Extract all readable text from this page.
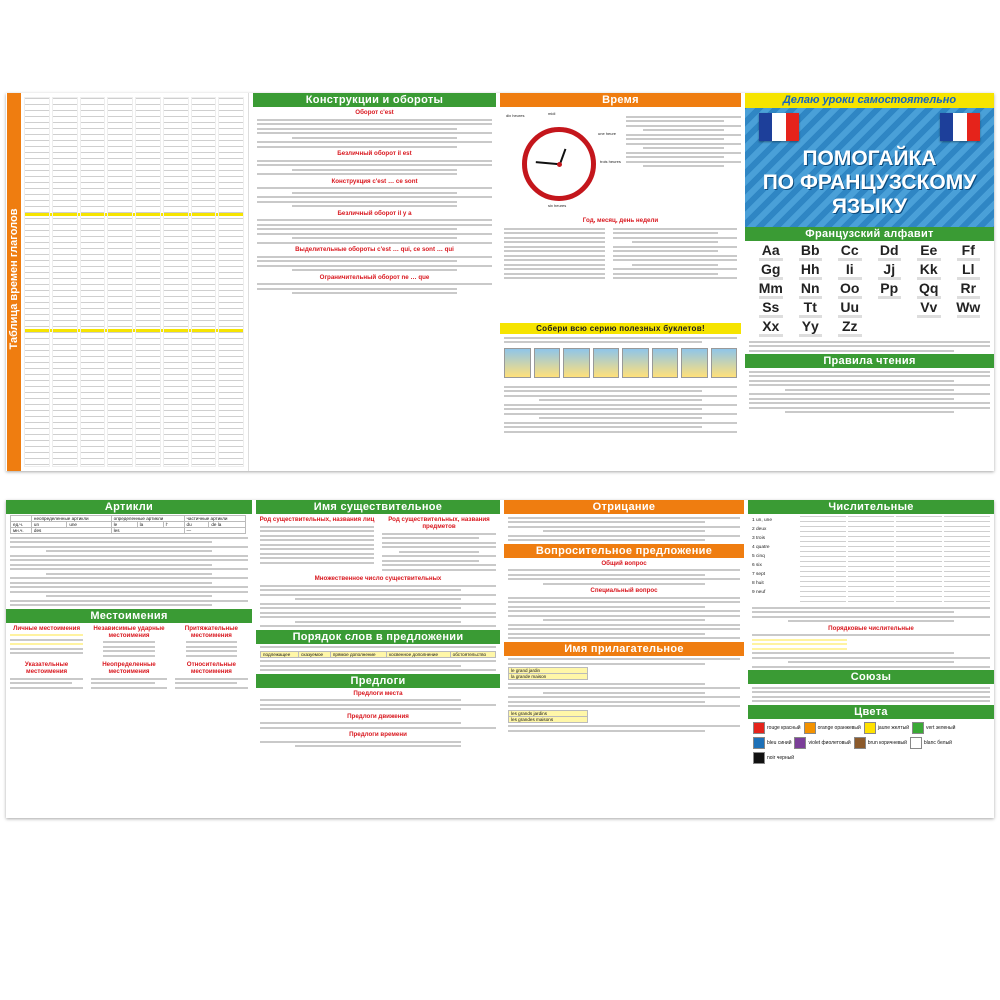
Таблица времен глаголов
Конструкции и обороты
Оборот c'est
Безличный оборот il est
Конструкция c'est … ce sont
Безличный оборот il y a
Выделительные обороты c'est … qui, ce sont … qui
Ограничительный оборот ne … que
Время
dix heures	midi
une heure
trois heures
six heures
Год, месяц, день недели
Собери всю серию полезных буклетов!
Делаю уроки самостоятельно
ПОМОГАЙКА
ПО ФРАНЦУЗСКОМУ
ЯЗЫКУ
Французский алфавит
Aa	Bb	Cc	Dd	Ee	Ff
Gg	Hh	Ii	Jj	Kk	Ll
Mm	Nn	Oo	Pp	Qq	Rr
Ss	Tt	Uu	Vv	Ww
Xx	Yy	Zz
Правила чтения
Артикли
	неопределенные артикли		определенные артикли			частичные артикли	
ед.ч.	un	une	le	la	l'	du	de la
мн.ч.	des		les			—	
Местоимения
Личные местоимения	Независимые ударные местоимения
Притяжательные местоимения
Указательные местоимения
Неопределенные местоимения
Относительные местоимения
Имя существительное
Род существительных, названия лиц	Род существительных, названия предметов
Множественное число существительных
Порядок слов в предложении
подлежащее	сказуемое	прямое дополнение	косвенное дополнение	обстоятельство
Предлоги
Предлоги места
Предлоги движения
Предлоги времени
Отрицание
Вопросительное предложение
Общий вопрос
Специальный вопрос
Имя прилагательное
le grand jardin
la grande maison
les grands jardins
les grandes maisons
Числительные

1 un, une

2 deux

3 trois

4 quatre

5 cinq

6 six

7 sept

8 huit

9 neuf

Порядковые числительные
Союзы
Цвета
rouge красный	orange оранжевый	jaune желтый	vert зеленый
bleu синий	violet фиолетовый	brun коричневый	blanc белый
noir черный
